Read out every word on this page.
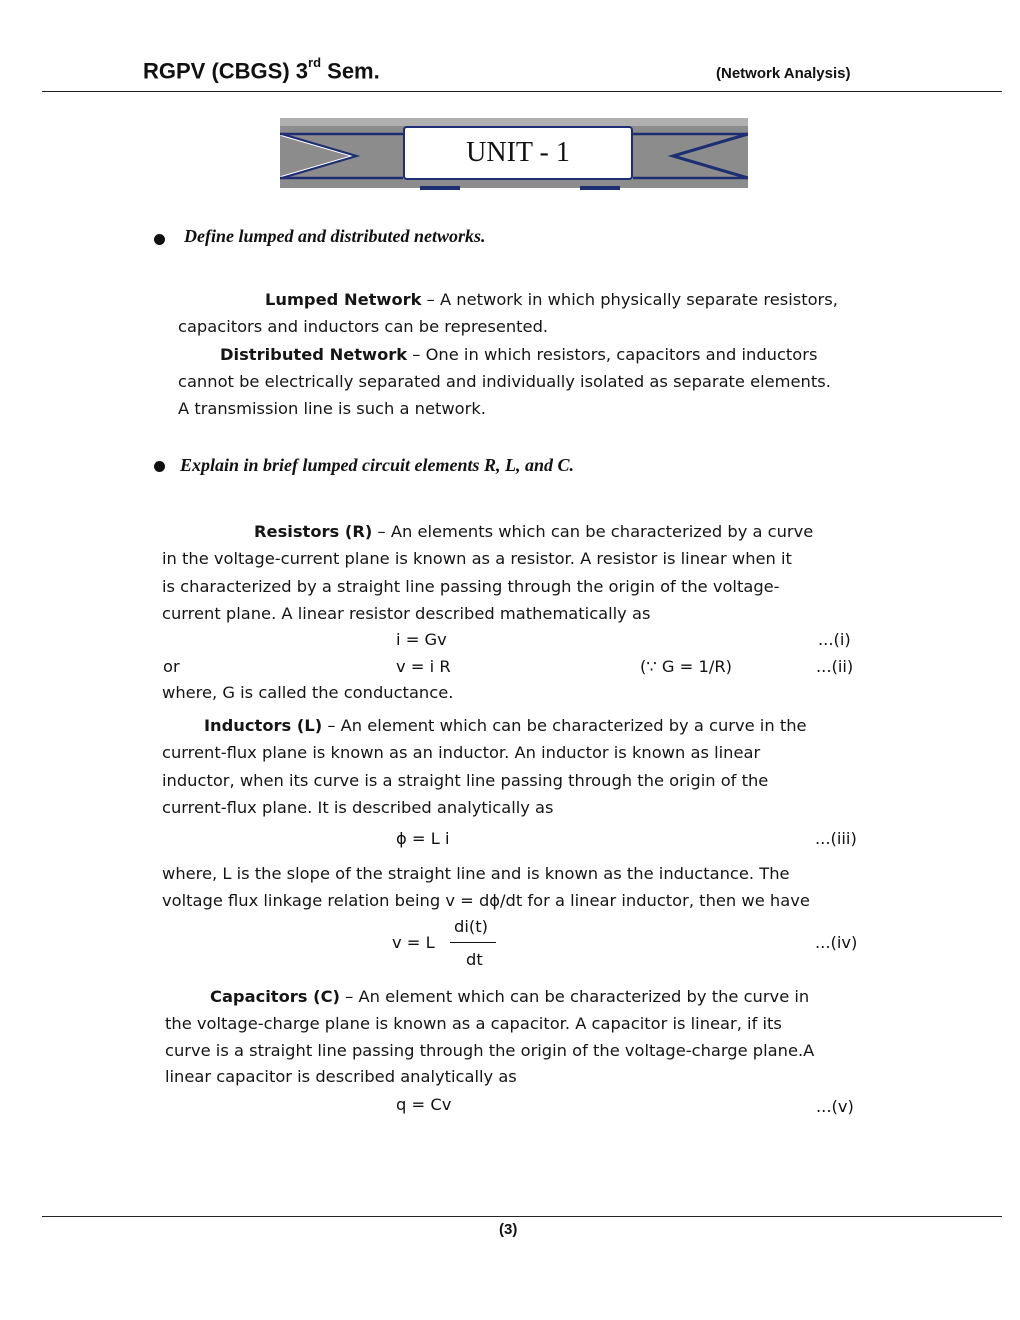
RGPV (CBGS) 3rd Sem.	(Network Analysis)
UNIT - 1
Define lumped and distributed networks.
Lumped Network – A network in which physically separate resistors,
capacitors and inductors can be represented.
Distributed Network – One in which resistors, capacitors and inductors
cannot be electrically separated and individually isolated as separate elements.
A transmission line is such a network.
Explain in brief lumped circuit elements R, L, and C.
Resistors (R) – An elements which can be characterized by a curve
in the voltage-current plane is known as a resistor. A resistor is linear when it
is characterized by a straight line passing through the origin of the voltage-
current plane. A linear resistor described mathematically as
i = Gv	...(i)
or	v = i R	(∵ G = 1/R)	...(ii)
where, G is called the conductance.
Inductors (L) – An element which can be characterized by a curve in the
current-flux plane is known as an inductor. An inductor is known as linear
inductor, when its curve is a straight line passing through the origin of the
current-flux plane. It is described analytically as
ϕ = L i	...(iii)
where, L is the slope of the straight line and is known as the inductance. The
voltage flux linkage relation being v = dϕ/dt for a linear inductor, then we have
v = L
di(t)
dt
...(iv)
Capacitors (C) – An element which can be characterized by the curve in
the voltage-charge plane is known as a capacitor. A capacitor is linear, if its
curve is a straight line passing through the origin of the voltage-charge plane.A
linear capacitor is described analytically as
q = Cv	...(v)
(3)
